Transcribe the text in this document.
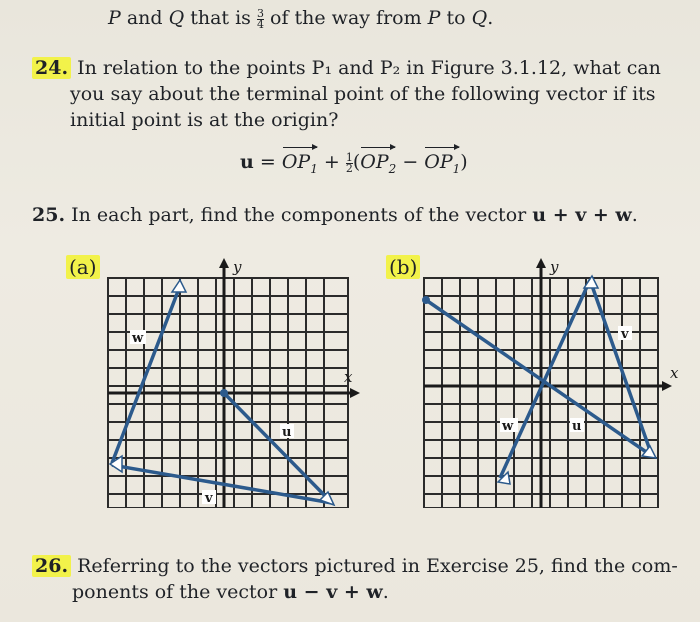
P and Q that is $\frac{3}{4}$ of the way from P to Q.
24. In relation to the points P₁ and P₂ in Figure 3.1.12, what can
you say about the terminal point of the following vector if its
initial point is at the origin?
$u = OP_1 + \frac{1}{2} (OP_2 - OP_1)$
25. In each part, find the components of the vector u + v + w.
(a)	(b)
y
x
w
v
u
y
x
v
w	u
26. Referring to the vectors pictured in Exercise 25, find the com-
ponents of the vector u − v + w.
